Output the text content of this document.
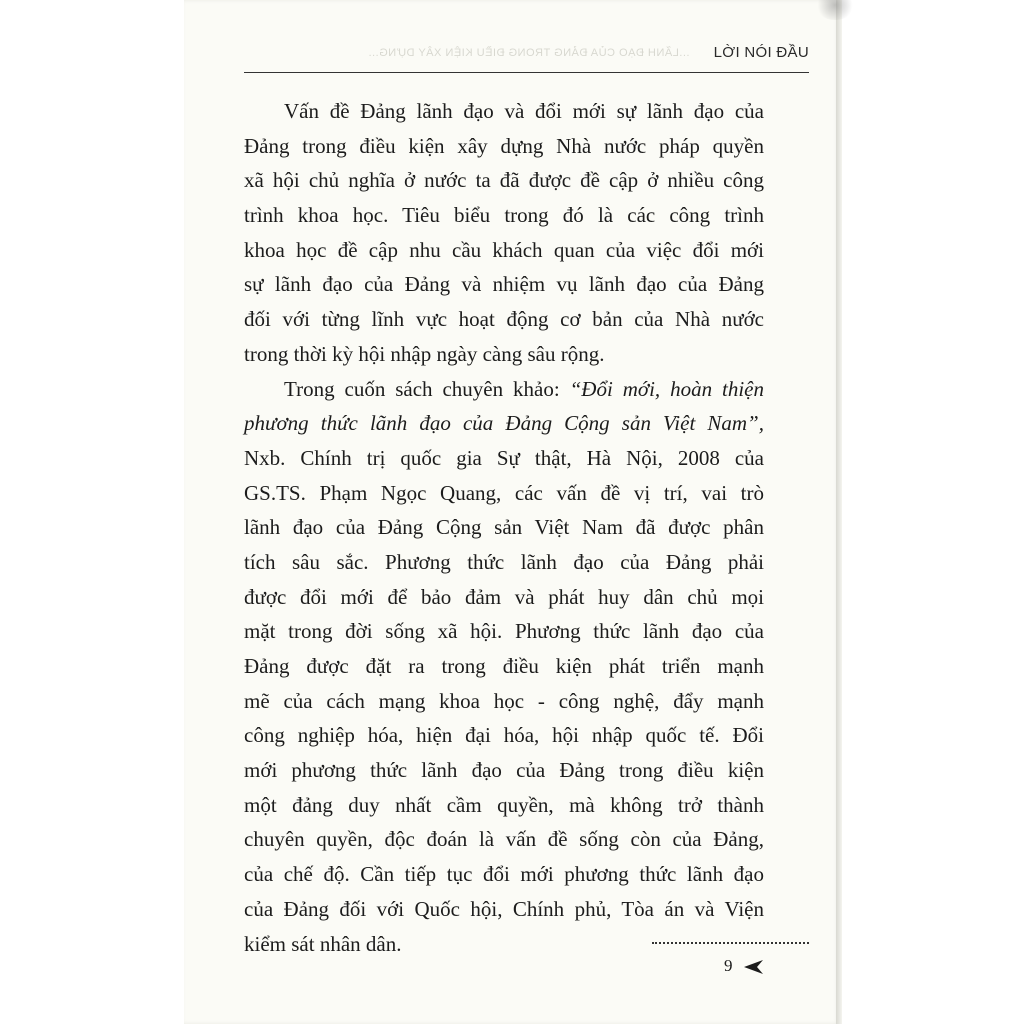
...LÃNH ĐẠO CỦA ĐẢNG TRONG ĐIỀU KIỆN XÂY DỰNG... LỜI NÓI ĐẦU
Vấn đề Đảng lãnh đạo và đổi mới sự lãnh đạo của
Đảng trong điều kiện xây dựng Nhà nước pháp quyền
xã hội chủ nghĩa ở nước ta đã được đề cập ở nhiều công
trình khoa học. Tiêu biểu trong đó là các công trình
khoa học đề cập nhu cầu khách quan của việc đổi mới
sự lãnh đạo của Đảng và nhiệm vụ lãnh đạo của Đảng
đối với từng lĩnh vực hoạt động cơ bản của Nhà nước
trong thời kỳ hội nhập ngày càng sâu rộng.
Trong cuốn sách chuyên khảo: “Đổi mới, hoàn thiện
phương thức lãnh đạo của Đảng Cộng sản Việt Nam”,
Nxb. Chính trị quốc gia Sự thật, Hà Nội, 2008 của
GS.TS. Phạm Ngọc Quang, các vấn đề vị trí, vai trò
lãnh đạo của Đảng Cộng sản Việt Nam đã được phân
tích sâu sắc. Phương thức lãnh đạo của Đảng phải
được đổi mới để bảo đảm và phát huy dân chủ mọi
mặt trong đời sống xã hội. Phương thức lãnh đạo của
Đảng được đặt ra trong điều kiện phát triển mạnh
mẽ của cách mạng khoa học - công nghệ, đẩy mạnh
công nghiệp hóa, hiện đại hóa, hội nhập quốc tế. Đổi
mới phương thức lãnh đạo của Đảng trong điều kiện
một đảng duy nhất cầm quyền, mà không trở thành
chuyên quyền, độc đoán là vấn đề sống còn của Đảng,
của chế độ. Cần tiếp tục đổi mới phương thức lãnh đạo
của Đảng đối với Quốc hội, Chính phủ, Tòa án và Viện
kiểm sát nhân dân.
9
